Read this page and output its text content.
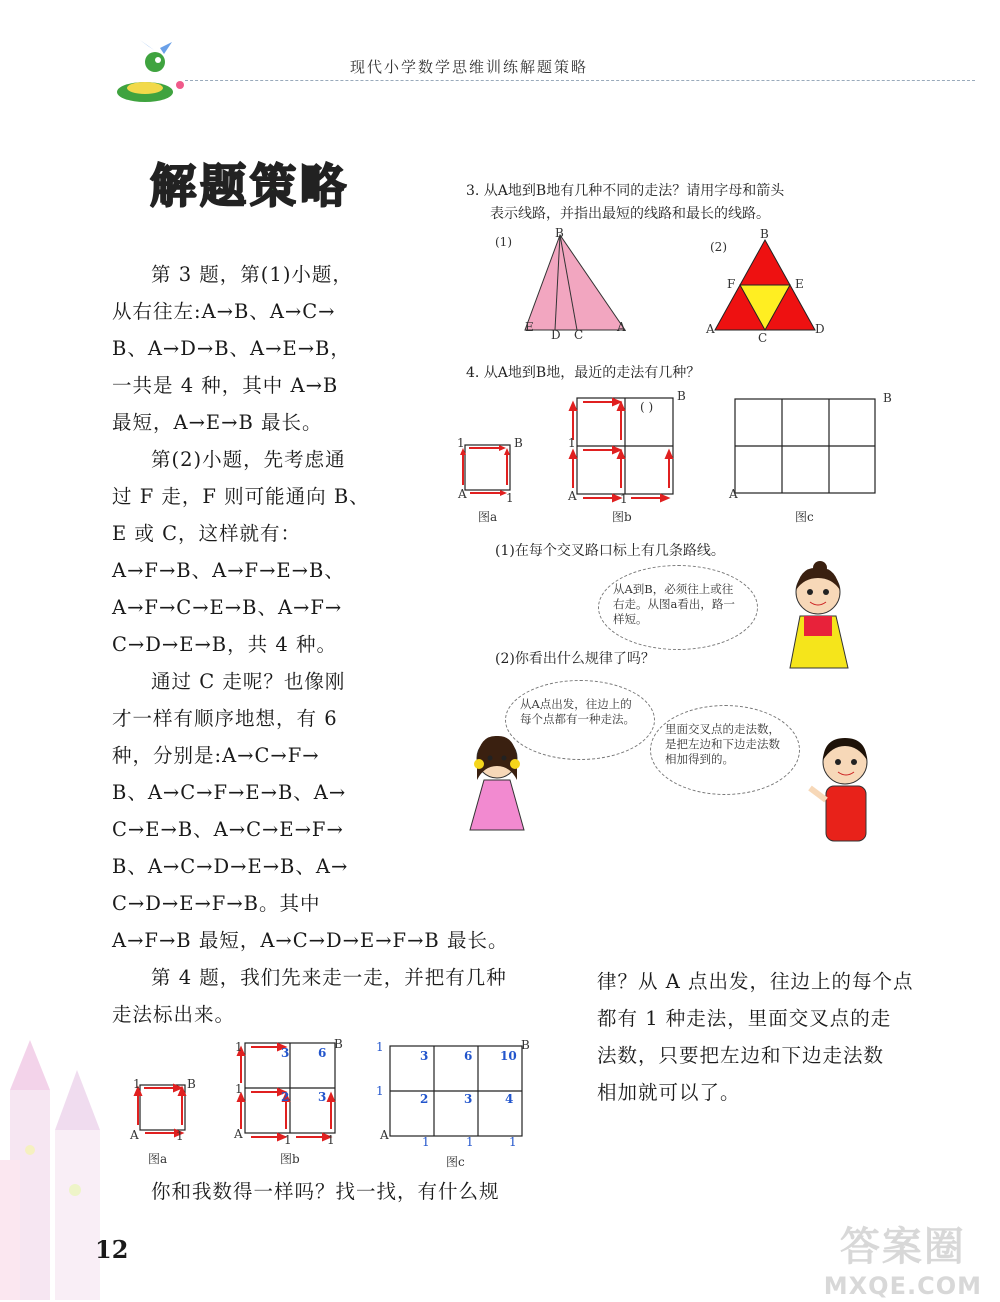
现代小学数学思维训练解题策略
解题策略

第 3 题，第(1)小题，

从右往左:A→B、A→C→

B、A→D→B、A→E→B，

一共是 4 种，其中 A→B

最短，A→E→B 最长。

第(2)小题，先考虑通

过 F 走，F 则可能通向 B、

E 或 C，这样就有：

A→F→B、A→F→E→B、

A→F→C→E→B、A→F→

C→D→E→B，共 4 种。

通过 C 走呢？也像刚

才一样有顺序地想，有 6

种，分别是:A→C→F→

B、A→C→F→E→B、A→

C→E→B、A→C→E→F→

B、A→C→D→E→B、A→

C→D→E→F→B。其中

A→F→B 最短，A→C→D→E→F→B 最长。
第 4 题，我们先来走一走，并把有几种
走法标出来。
你和我数得一样吗？找一找，有什么规
律？从 A 点出发，往边上的每个点
都有 1 种走法，里面交叉点的走
法数，只要把左边和下边走法数
相加就可以了。
3. 从A地到B地有几种不同的走法？请用字母和箭头
表示线路，并指出最短的线路和最长的线路。
(1)
B
E
D C
A
(2)
B
F	E
A
C
D
4. 从A地到B地，最近的走法有几种？
A
B
1
1
图a
A
B
1
1
( )
图b
A
B
图c
(1)在每个交叉路口标上有几条路线。
从A到B，必须往上或往右走。从图a看出，路一样短。
(2)你看出什么规律了吗？
从A点出发，往边上的每个点都有一种走法。
里面交叉点的走法数，是把左边和下边走法数相加得到的。
A
B
1
1
图a
A
B
3 6
2 3
1
1
1	1
图b
A
B
1
1
3	6 10
2	3	4
1	1	1
图c
12	答案圈
MXQE.COM
